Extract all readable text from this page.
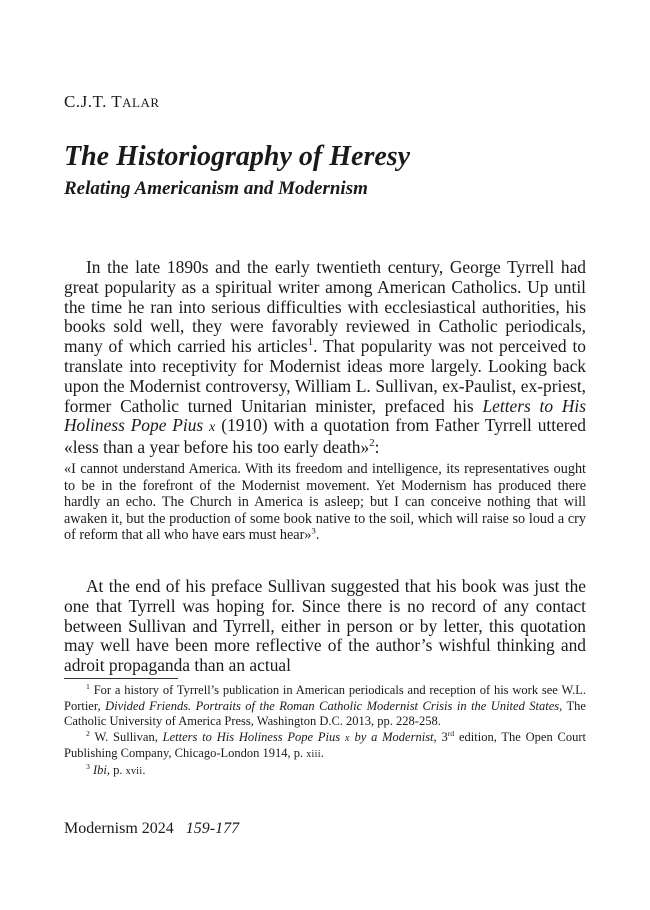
C.J.T. TALAR
The Historiography of Heresy
Relating Americanism and Modernism

In the late 1890s and the early twentieth century, George Tyrrell had great popularity as a spiritual writer among American Catholics. Up until the time he ran into serious difficulties with ecclesiastical authorities, his books sold well, they were favorably reviewed in Catholic periodicals, many of which carried his articles$^1$. That popularity was not perceived to translate into receptivity for Modernist ideas more largely. Looking back upon the Modernist controversy, William L. Sullivan, ex-Paulist, ex-priest, former Catholic turned Unitarian minister, prefaced his Letters to His Holiness Pope Pius x (1910) with a quotation from Father Tyrrell uttered «less than a year before his too early death»$^2$:

«I cannot understand America. With its freedom and intelligence, its representatives ought to be in the forefront of the Modernist movement. Yet Modernism has produced there hardly an echo. The Church in America is asleep; but I can conceive nothing that will awaken it, but the production of some book native to the soil, which will raise so loud a cry of reform that all who have ears must hear»$^3$.

At the end of his preface Sullivan suggested that his book was just the one that Tyrrell was hoping for. Since there is no record of any contact between Sullivan and Tyrrell, either in person or by letter, this quotation may well have been more reflective of the author’s wishful thinking and adroit propaganda than an actual

$^1$ For a history of Tyrrell’s publication in American periodicals and reception of his work see W.L. Portier, Divided Friends. Portraits of the Roman Catholic Modernist Crisis in the United States, The Catholic University of America Press, Washington D.C. 2013, pp. 228-258.

$^2$ W. Sullivan, Letters to His Holiness Pope Pius x by a Modernist, 3rd edition, The Open Court Publishing Company, Chicago-London 1914, p. xiii.

$^3$ Ibi, p. xvii.

Modernism 2024 159-177
